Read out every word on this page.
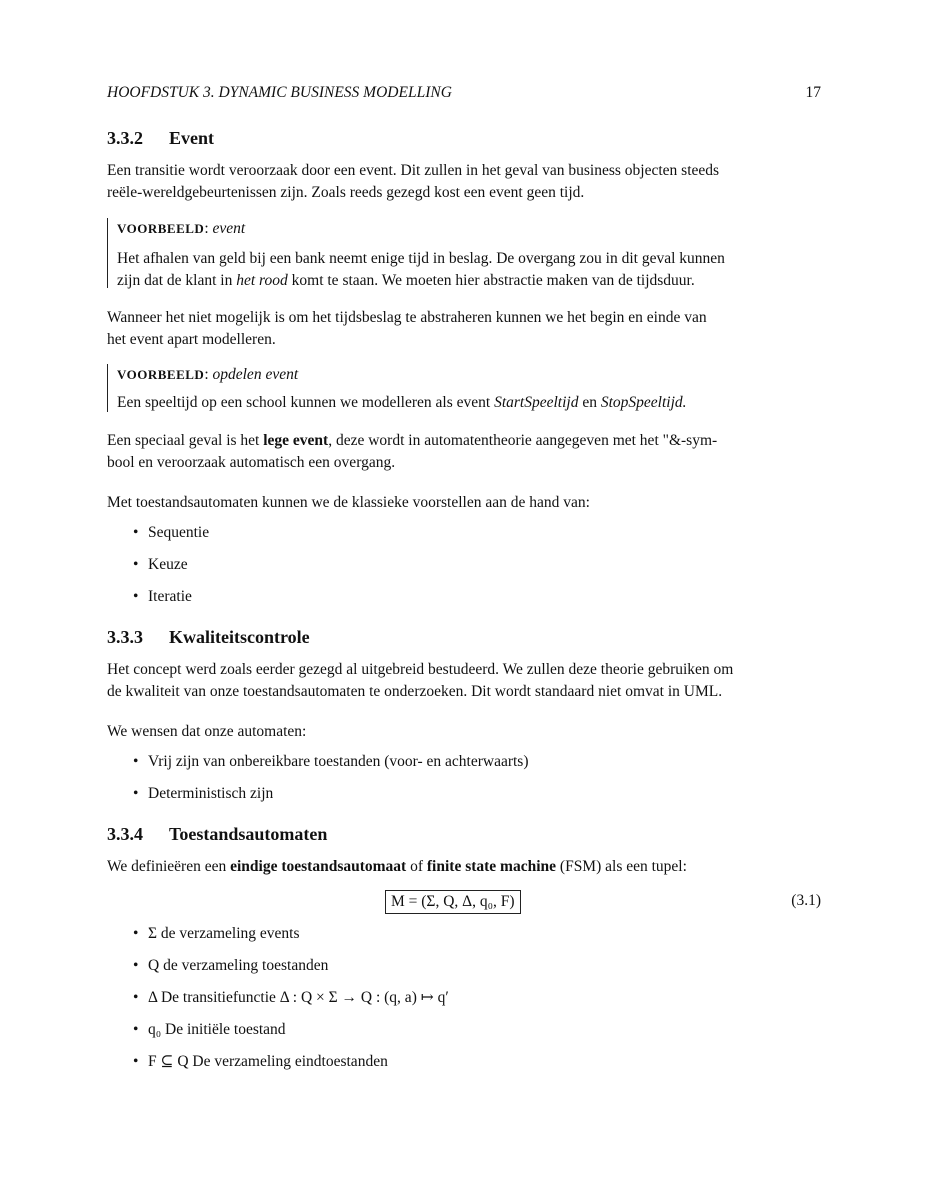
HOOFDSTUK 3. DYNAMIC BUSINESS MODELLING	17
3.3.2 Event
Een transitie wordt veroorzaak door een event. Dit zullen in het geval van business objecten steeds
reële-wereldgebeurtenissen zijn. Zoals reeds gezegd kost een event geen tijd.
VOORBEELD: event
Het afhalen van geld bij een bank neemt enige tijd in beslag. De overgang zou in dit geval kunnen
zijn dat de klant in het rood komt te staan. We moeten hier abstractie maken van de tijdsduur.
Wanneer het niet mogelijk is om het tijdsbeslag te abstraheren kunnen we het begin en einde van
het event apart modelleren.
VOORBEELD: opdelen event
Een speeltijd op een school kunnen we modelleren als event StartSpeeltijd en StopSpeeltijd.
Een speciaal geval is het lege event, deze wordt in automatentheorie aangegeven met het "&-sym-
bool en veroorzaak automatisch een overgang.
Met toestandsautomaten kunnen we de klassieke voorstellen aan de hand van:
• Sequentie
• Keuze
• Iteratie
3.3.3 Kwaliteitscontrole
Het concept werd zoals eerder gezegd al uitgebreid bestudeerd. We zullen deze theorie gebruiken om
de kwaliteit van onze toestandsautomaten te onderzoeken. Dit wordt standaard niet omvat in UML.
We wensen dat onze automaten:
• Vrij zijn van onbereikbare toestanden (voor- en achterwaarts)
• Deterministisch zijn
3.3.4 Toestandsautomaten
We definieëren een eindige toestandsautomaat of finite state machine (FSM) als een tupel:
M = (Σ, Q, Δ, q₀, F)	(3.1)
• Σ de verzameling events
• Q de verzameling toestanden
• Δ De transitiefunctie Δ : Q × Σ → Q : (q, a) ↦ q′
• q₀ De initiële toestand
• F ⊆ Q De verzameling eindtoestanden
